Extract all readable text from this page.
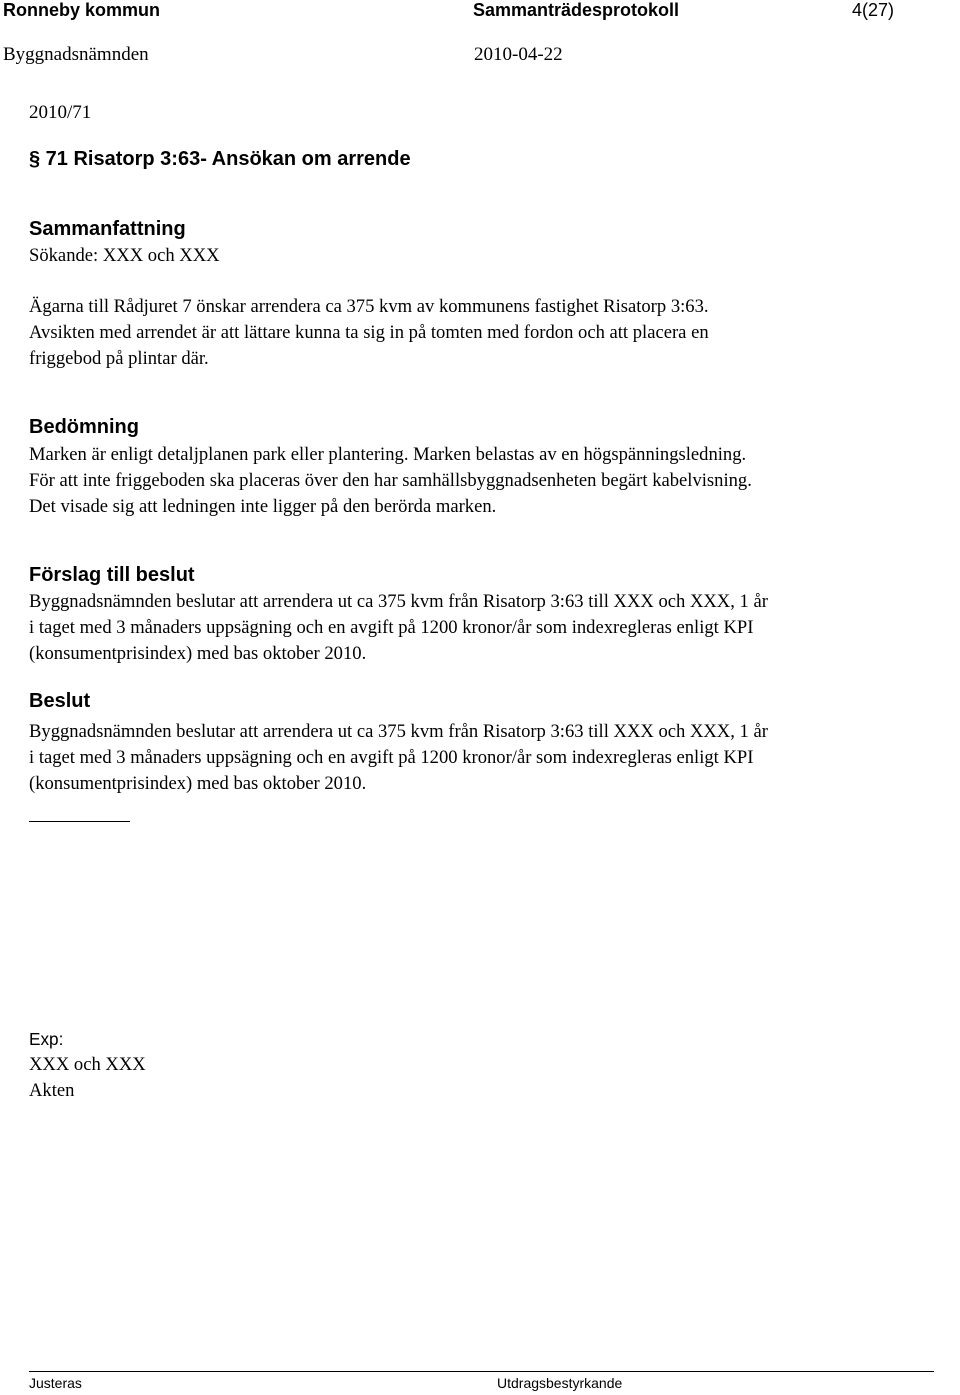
Ronneby kommun	Sammanträdesprotokoll	4(27)
Byggnadsnämnden	2010-04-22
2010/71
§ 71 Risatorp 3:63- Ansökan om arrende
Sammanfattning
Sökande: XXX och XXX
Ägarna till Rådjuret 7 önskar arrendera ca 375 kvm av kommunens fastighet Risatorp 3:63.
Avsikten med arrendet är att lättare kunna ta sig in på tomten med fordon och att placera en
friggebod på plintar där.
Bedömning
Marken är enligt detaljplanen park eller plantering. Marken belastas av en högspänningsledning.
För att inte friggeboden ska placeras över den har samhällsbyggnadsenheten begärt kabelvisning.
Det visade sig att ledningen inte ligger på den berörda marken.
Förslag till beslut
Byggnadsnämnden beslutar att arrendera ut ca 375 kvm från Risatorp 3:63 till XXX och XXX, 1 år
i taget med 3 månaders uppsägning och en avgift på 1200 kronor/år som indexregleras enligt KPI
(konsumentprisindex) med bas oktober 2010.
Beslut
Byggnadsnämnden beslutar att arrendera ut ca 375 kvm från Risatorp 3:63 till XXX och XXX, 1 år
i taget med 3 månaders uppsägning och en avgift på 1200 kronor/år som indexregleras enligt KPI
(konsumentprisindex) med bas oktober 2010.
Exp:
XXX och XXX
Akten
Justeras	Utdragsbestyrkande
